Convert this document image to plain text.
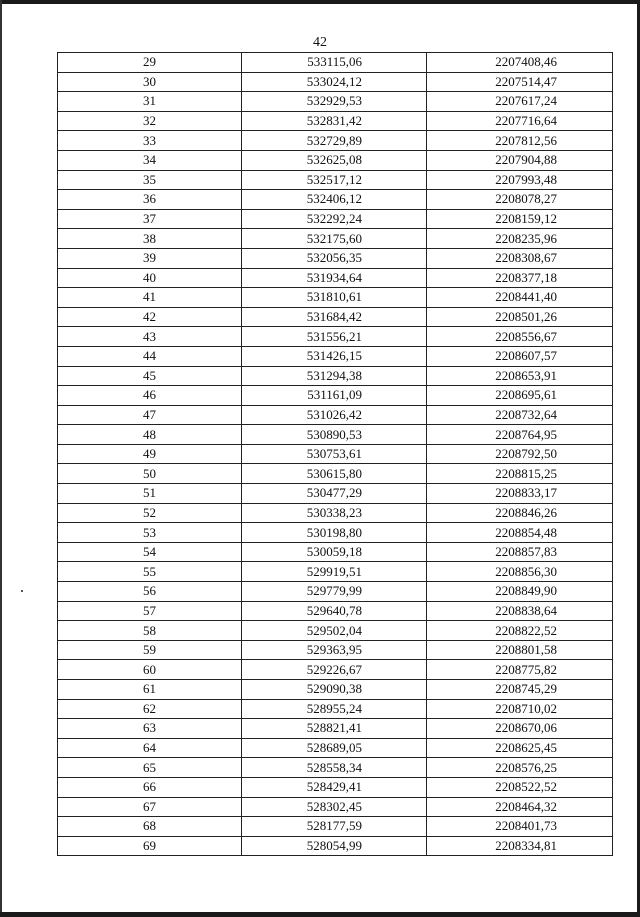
42
29	533115,06	2207408,46
30	533024,12	2207514,47
31	532929,53	2207617,24
32	532831,42	2207716,64
33	532729,89	2207812,56
34	532625,08	2207904,88
35	532517,12	2207993,48
36	532406,12	2208078,27
37	532292,24	2208159,12
38	532175,60	2208235,96
39	532056,35	2208308,67
40	531934,64	2208377,18
41	531810,61	2208441,40
42	531684,42	2208501,26
43	531556,21	2208556,67
44	531426,15	2208607,57
45	531294,38	2208653,91
46	531161,09	2208695,61
47	531026,42	2208732,64
48	530890,53	2208764,95
49	530753,61	2208792,50
50	530615,80	2208815,25
51	530477,29	2208833,17
52	530338,23	2208846,26
53	530198,80	2208854,48
54	530059,18	2208857,83
55	529919,51	2208856,30
56	529779,99	2208849,90
57	529640,78	2208838,64
58	529502,04	2208822,52
59	529363,95	2208801,58
60	529226,67	2208775,82
61	529090,38	2208745,29
62	528955,24	2208710,02
63	528821,41	2208670,06
64	528689,05	2208625,45
65	528558,34	2208576,25
66	528429,41	2208522,52
67	528302,45	2208464,32
68	528177,59	2208401,73
69	528054,99	2208334,81
